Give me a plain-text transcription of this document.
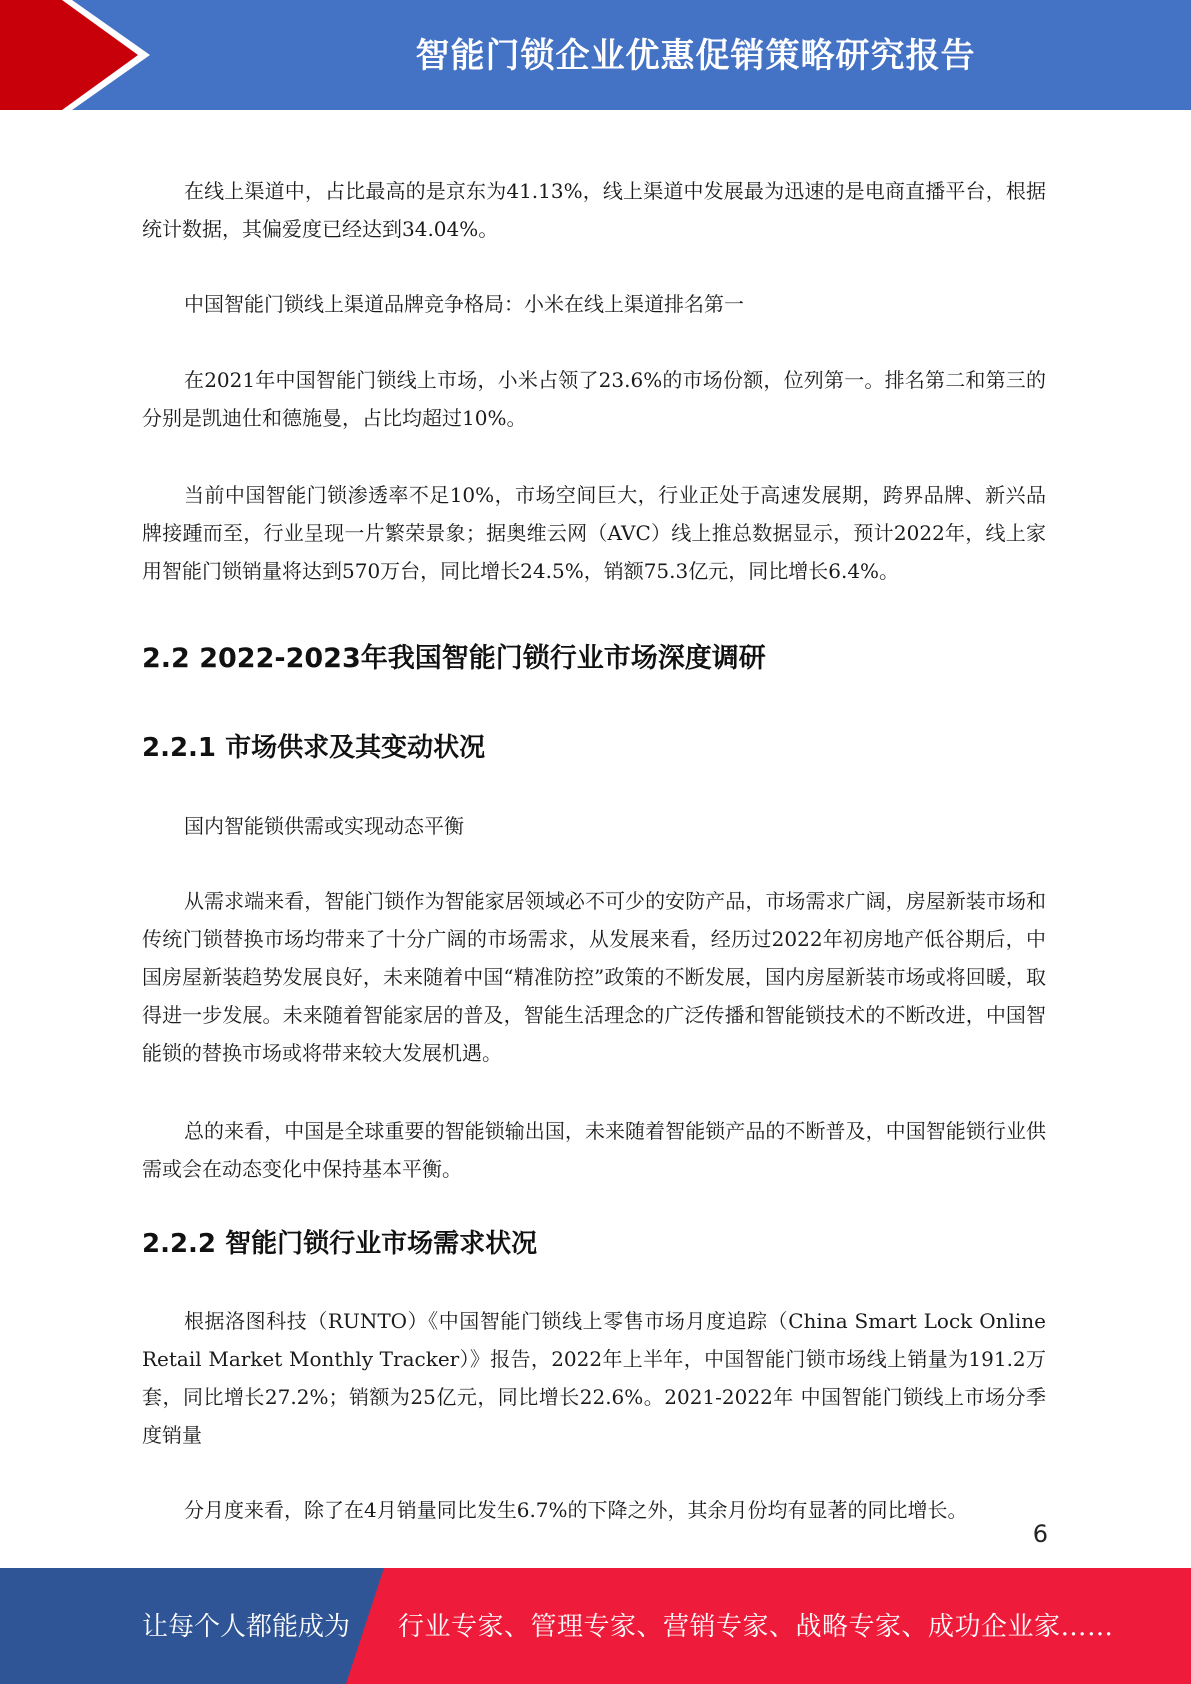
智能门锁企业优惠促销策略研究报告

在线上渠道中，占比最高的是京东为41.13%，线上渠道中发展最为迅速的是电商直播平台，根据统计数据，其偏爱度已经达到34.04%。

中国智能门锁线上渠道品牌竞争格局：小米在线上渠道排名第一

在2021年中国智能门锁线上市场，小米占领了23.6%的市场份额，位列第一。排名第二和第三的分别是凯迪仕和德施曼，占比均超过10%。

当前中国智能门锁渗透率不足10%，市场空间巨大，行业正处于高速发展期，跨界品牌、新兴品牌接踵而至，行业呈现一片繁荣景象；据奥维云网（AVC）线上推总数据显示，预计2022年，线上家用智能门锁销量将达到570万台，同比增长24.5%，销额75.3亿元，同比增长6.4%。

2.2 2022-2023年我国智能门锁行业市场深度调研
2.2.1 市场供求及其变动状况

国内智能锁供需或实现动态平衡

从需求端来看，智能门锁作为智能家居领域必不可少的安防产品，市场需求广阔，房屋新装市场和传统门锁替换市场均带来了十分广阔的市场需求，从发展来看，经历过2022年初房地产低谷期后，中国房屋新装趋势发展良好，未来随着中国“精准防控”政策的不断发展，国内房屋新装市场或将回暖，取得进一步发展。未来随着智能家居的普及，智能生活理念的广泛传播和智能锁技术的不断改进，中国智能锁的替换市场或将带来较大发展机遇。

总的来看，中国是全球重要的智能锁输出国，未来随着智能锁产品的不断普及，中国智能锁行业供需或会在动态变化中保持基本平衡。

2.2.2 智能门锁行业市场需求状况

根据洛图科技（RUNTO）《中国智能门锁线上零售市场月度追踪（China Smart Lock Online Retail Market Monthly Tracker）》报告，2022年上半年，中国智能门锁市场线上销量为191.2万套，同比增长27.2%；销额为25亿元，同比增长22.6%。2021-2022年 中国智能门锁线上市场分季度销量

分月度来看，除了在4月销量同比发生6.7%的下降之外，其余月份均有显著的同比增长。

6
让每个人都能成为 行业专家、管理专家、营销专家、战略专家、成功企业家……
